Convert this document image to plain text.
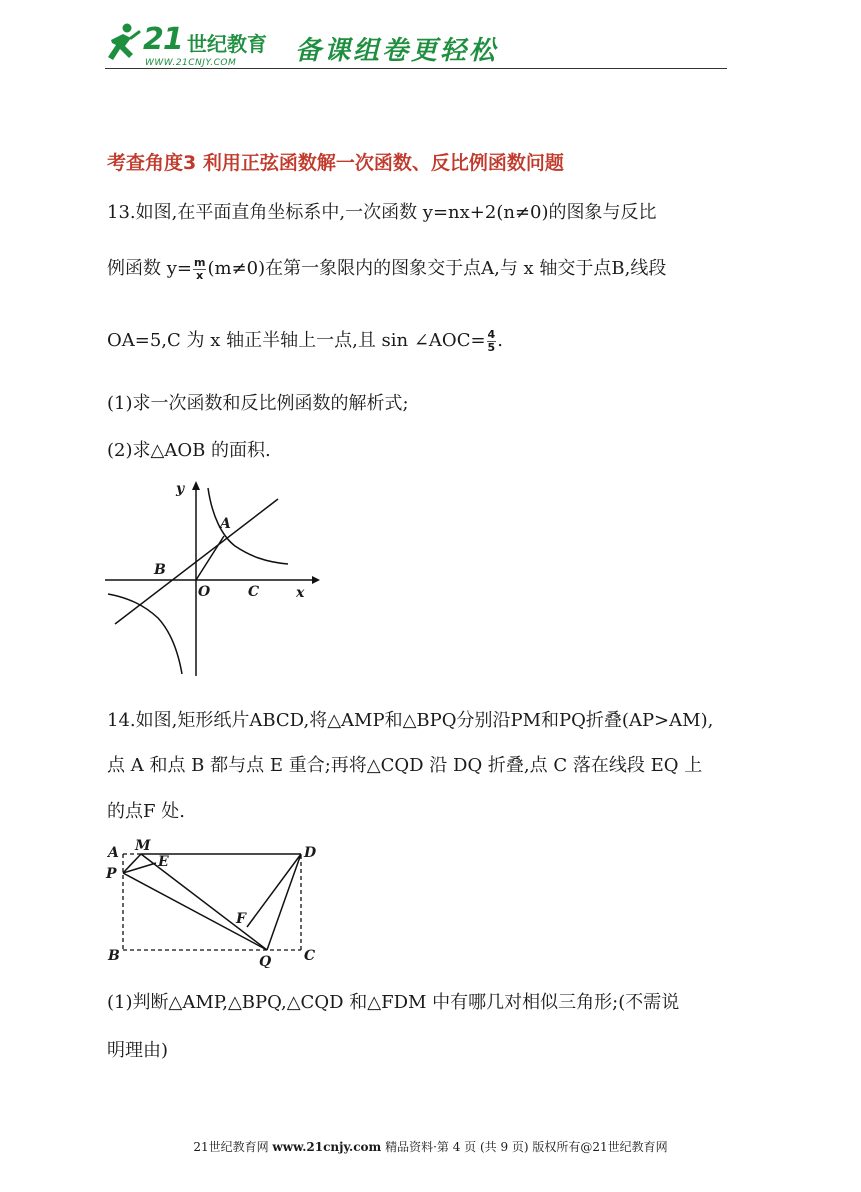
21 世纪教育
WWW.21CNJY.COM 备课组卷更轻松
考查角度3 利用正弦函数解一次函数、反比例函数问题
13.如图,在平面直角坐标系中,一次函数 y=nx+2(n≠0)的图象与反比
例函数 $y= \frac{m}{x} (m\ne 0)$在第一象限内的图象交于点A,与 x 轴交于点B,线段
OA=5,C 为 x 轴正半轴上一点,且 sin ∠AOC= $\frac{4}{5}$ .
(1)求一次函数和反比例函数的解析式;
(2)求△AOB 的面积.
y
A
B
O	C	x
14.如图,矩形纸片ABCD,将△AMP和△BPQ分别沿PM和PQ折叠(AP>AM),
点 A 和点 B 都与点 E 重合;再将△CQD 沿 DQ 折叠,点 C 落在线段 EQ 上
的点F 处.
A M
E
D
P
F
B	Q C
(1)判断△AMP,△BPQ,△CQD 和△FDM 中有哪几对相似三角形;(不需说
明理由)
21世纪教育网 www.21cnjy.com 精品资料·第 4 页 (共 9 页) 版权所有@21世纪教育网
